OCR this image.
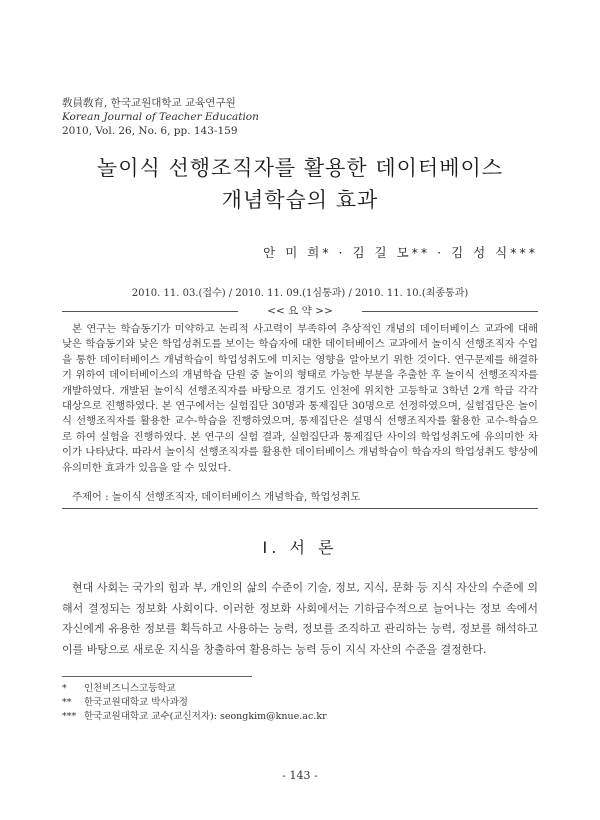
敎員敎育, 한국교원대학교 교육연구원
Korean Journal of Teacher Education
2010, Vol. 26, No. 6, pp. 143-159
놀이식 선행조직자를 활용한 데이터베이스
개념학습의 효과
안 미 희* · 김 길 모** · 김 성 식***
2010. 11. 03.(접수) / 2010. 11. 09.(1심통과) / 2010. 11. 10.(최종통과)
<< 요 약 >>

본 연구는 학습동기가 미약하고 논리적 사고력이 부족하여 추상적인 개념의 데이터베이스 교과에 대해 낮은 학습동기와 낮은 학업성취도를 보이는 학습자에 대한 데이터베이스 교과에서 놀이식 선행조직자 수업을 통한 데이터베이스 개념학습이 학업성취도에 미치는 영향을 알아보기 위한 것이다. 연구문제를 해결하기 위하여 데이터베이스의 개념학습 단원 중 놀이의 형태로 가능한 부분을 추출한 후 놀이식 선행조직자를 개발하였다. 개발된 놀이식 선행조직자를 바탕으로 경기도 인천에 위치한 고등학교 3학년 2개 학급 각각 대상으로 진행하였다. 본 연구에서는 실험집단 30명과 통제집단 30명으로 선정하였으며, 실험집단은 놀이식 선행조직자를 활용한 교수-학습을 진행하였으며, 통제집단은 설명식 선행조직자를 활용한 교수-학습으로 하여 실험을 진행하였다. 본 연구의 실험 결과, 실험집단과 통제집단 사이의 학업성취도에 유의미한 차이가 나타났다. 따라서 놀이식 선행조직자를 활용한 데이터베이스 개념학습이 학습자의 학업성취도 향상에 유의미한 효과가 있음을 알 수 있었다.

주제어 : 놀이식 선행조직자, 데이터베이스 개념학습, 학업성취도
Ⅰ. 서 론

현대 사회는 국가의 힘과 부, 개인의 삶의 수준이 기술, 정보, 지식, 문화 등 지식 자산의 수준에 의해서 결정되는 정보화 사회이다. 이러한 정보화 사회에서는 기하급수적으로 늘어나는 정보 속에서 자신에게 유용한 정보를 획득하고 사용하는 능력, 정보를 조직하고 관리하는 능력, 정보를 해석하고 이를 바탕으로 새로운 지식을 창출하여 활용하는 능력 등이 지식 자산의 수준을 결정한다.

* 인천비즈니스고등학교
** 한국교원대학교 박사과정
*** 한국교원대학교 교수(교신저자): seongkim@knue.ac.kr
- 143 -
